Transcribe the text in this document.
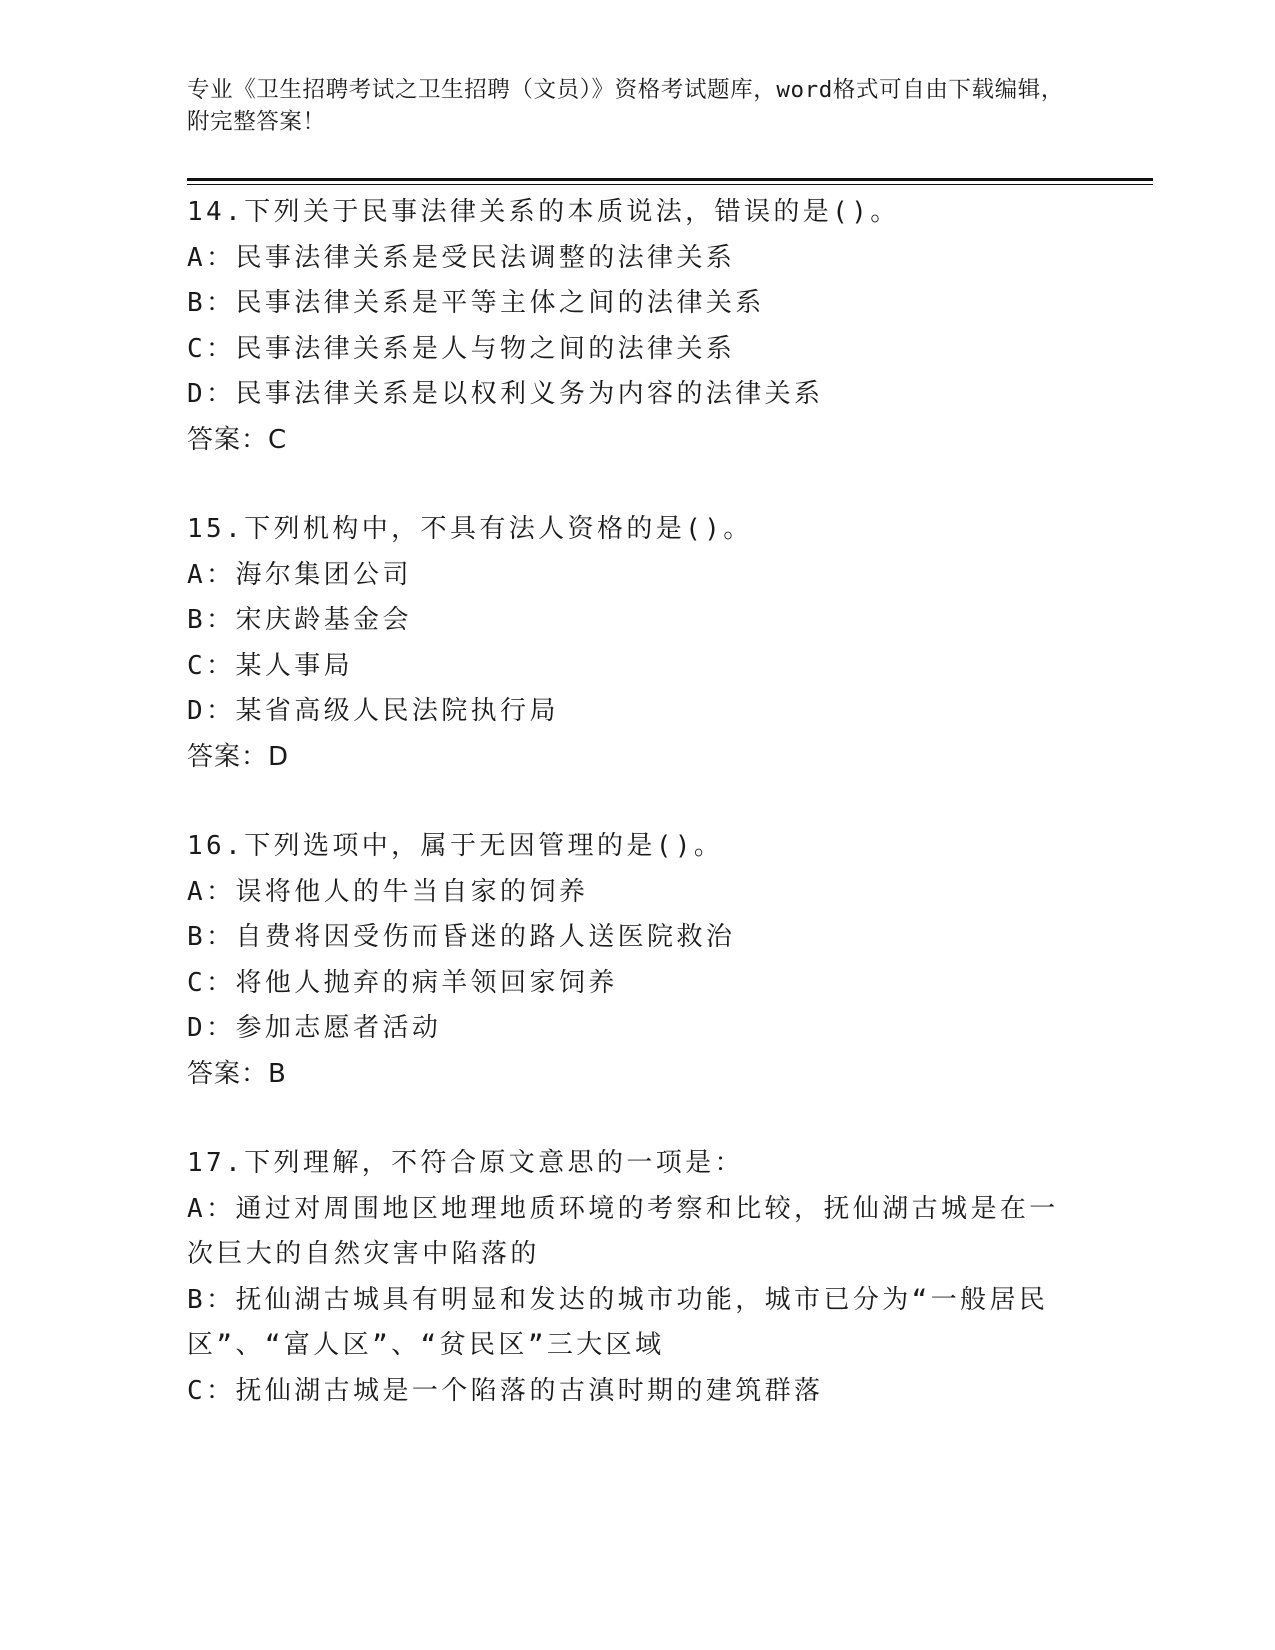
专业《卫生招聘考试之卫生招聘（文员）》资格考试题库，word格式可自由下载编辑，附完整答案！
14.下列关于民事法律关系的本质说法，错误的是()。
A：民事法律关系是受民法调整的法律关系
B：民事法律关系是平等主体之间的法律关系
C：民事法律关系是人与物之间的法律关系
D：民事法律关系是以权利义务为内容的法律关系
答案：C
15.下列机构中，不具有法人资格的是()。
A：海尔集团公司
B：宋庆龄基金会
C：某人事局
D：某省高级人民法院执行局
答案：D
16.下列选项中，属于无因管理的是()。
A：误将他人的牛当自家的饲养
B：自费将因受伤而昏迷的路人送医院救治
C：将他人抛弃的病羊领回家饲养
D：参加志愿者活动
答案：B
17.下列理解，不符合原文意思的一项是：
A：通过对周围地区地理地质环境的考察和比较，抚仙湖古城是在一次巨大的自然灾害中陷落的
B：抚仙湖古城具有明显和发达的城市功能，城市已分为“一般居民区”、“富人区”、“贫民区”三大区域
C：抚仙湖古城是一个陷落的古滇时期的建筑群落
